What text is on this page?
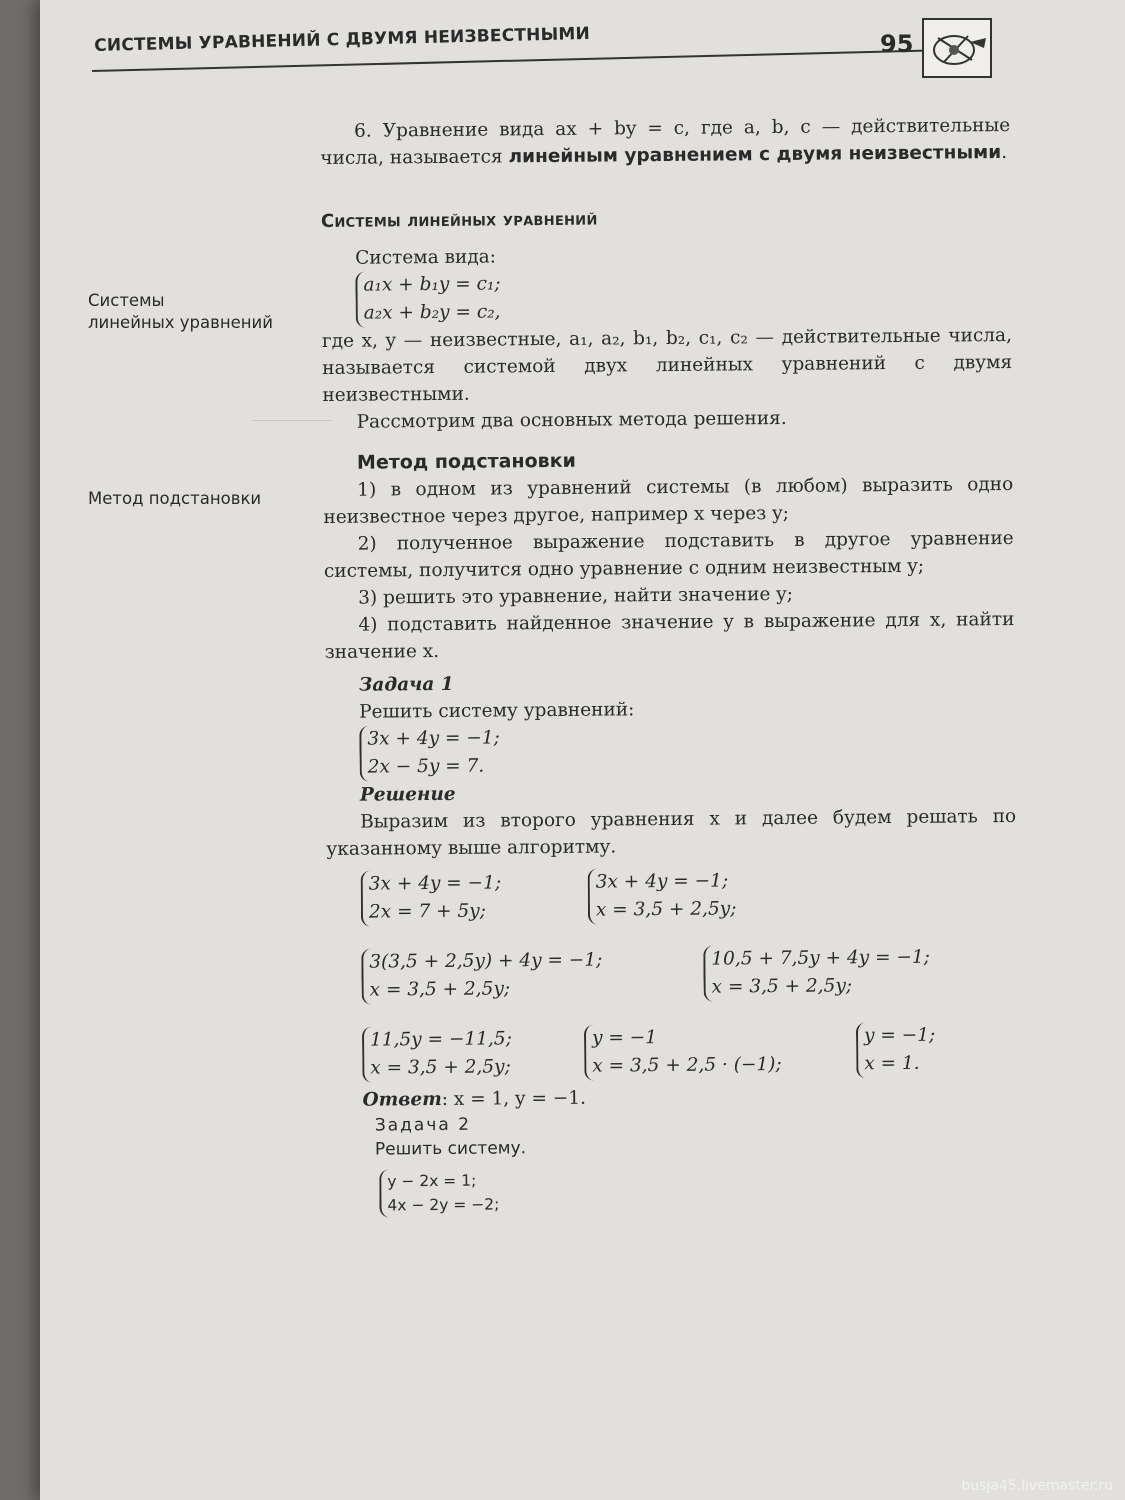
СИСТЕМЫ УРАВНЕНИЙ С ДВУМЯ НЕИЗВЕСТНЫМИ	95
Системы
линейных уравнений
Метод подстановки

6. Уравнение вида ax + by = c, где a, b, c — действительные числа, называется линейным уравнением с двумя неизвестными.

Системы линейных уравнений

Система вида:

a₁x + b₁y = c₁;
a₂x + b₂y = c₂,

где x, y — неизвестные, a₁, a₂, b₁, b₂, c₁, c₂ — действительные числа, называется системой двух линейных уравнений с двумя неизвестными.

Рассмотрим два основных метода решения.

Метод подстановки

1) в одном из уравнений системы (в любом) выразить одно неизвестное через другое, например x через y;

2) полученное выражение подставить в другое уравнение системы, получится одно уравнение с одним неизвестным y;

3) решить это уравнение, найти значение y;

4) подставить найденное значение y в выражение для x, найти значение x.

Задача 1

Решить систему уравнений:

3x + 4y = −1;
2x − 5y = 7.

Решение

Выразим из второго уравнения x и далее будем решать по указанному выше алгоритму.

3x + 4y = −1;
2x = 7 + 5y;
3x + 4y = −1;
x = 3,5 + 2,5y;
3(3,5 + 2,5y) + 4y = −1;
x = 3,5 + 2,5y;
10,5 + 7,5y + 4y = −1;
x = 3,5 + 2,5y;
11,5y = −11,5;
x = 3,5 + 2,5y;
y = −1
x = 3,5 + 2,5 · (−1);
y = −1;
x = 1.

Ответ: x = 1, y = −1.

Задача 2
Решить систему.
y − 2x = 1;
4x − 2y = −2;
busja45.livemaster.ru
